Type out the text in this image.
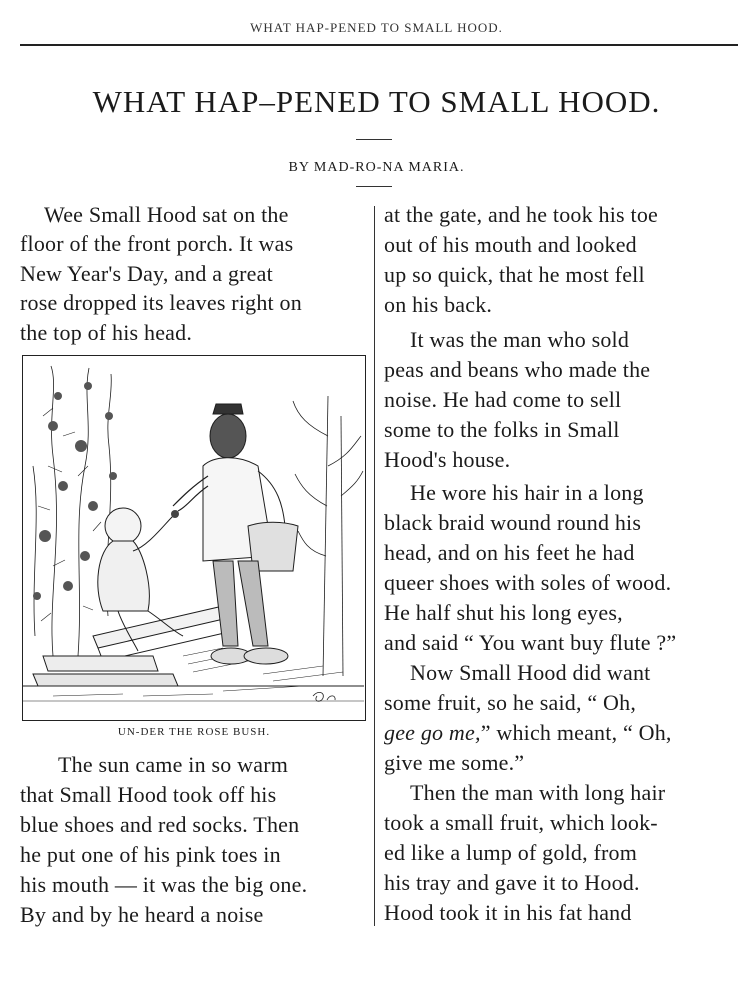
WHAT HAP-PENED TO SMALL HOOD.
WHAT HAP–PENED TO SMALL HOOD.
BY MAD-RO-NA MARIA.
Wee Small Hood sat on the
floor of the front porch. It was
New Year's Day, and a great
rose dropped its leaves right on
the top of his head.
UN-DER THE ROSE BUSH.
The sun came in so warm
that Small Hood took off his
blue shoes and red socks. Then
he put one of his pink toes in
his mouth — it was the big one.
By and by he heard a noise
at the gate, and he took his toe
out of his mouth and looked
up so quick, that he most fell
on his back.
It was the man who sold
peas and beans who made the
noise. He had come to sell
some to the folks in Small
Hood's house.
He wore his hair in a long
black braid wound round his
head, and on his feet he had
queer shoes with soles of wood.
He half shut his long eyes,
and said “ You want buy flute ?”
Now Small Hood did want
some fruit, so he said, “ Oh,
gee go me,” which meant, “ Oh,
give me some.”
Then the man with long hair
took a small fruit, which look-
ed like a lump of gold, from
his tray and gave it to Hood.
Hood took it in his fat hand
